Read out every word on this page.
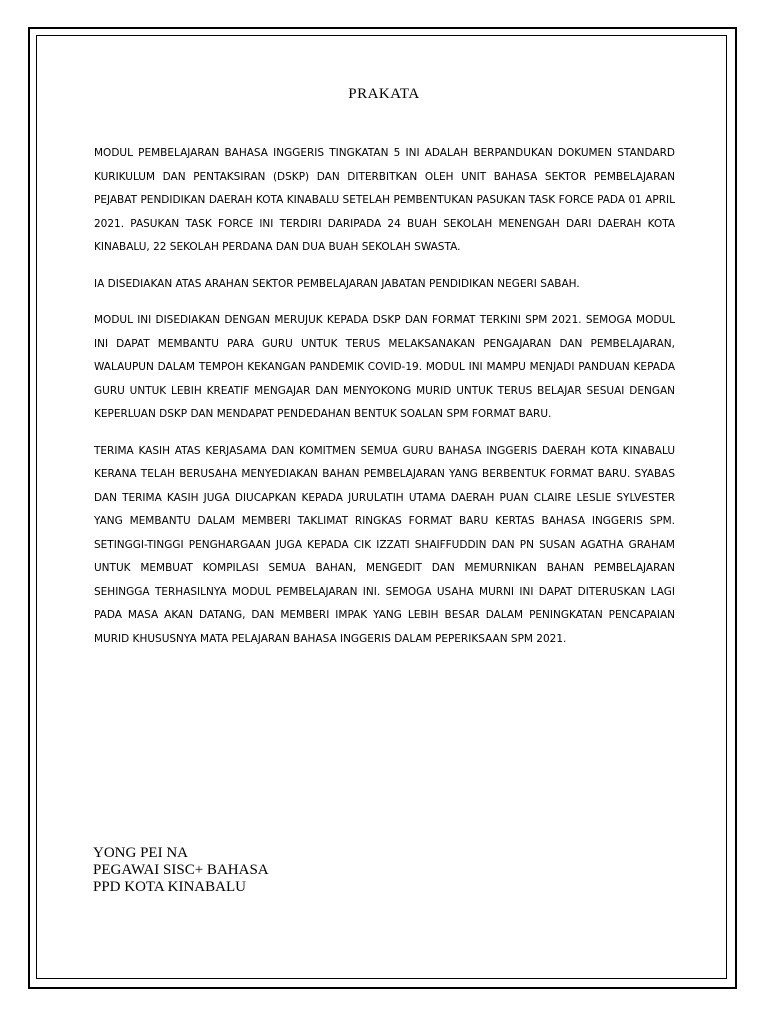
PRAKATA

MODUL PEMBELAJARAN BAHASA INGGERIS TINGKATAN 5 INI ADALAH BERPANDUKAN DOKUMEN STANDARD KURIKULUM DAN PENTAKSIRAN (DSKP) DAN DITERBITKAN OLEH UNIT BAHASA SEKTOR PEMBELAJARAN PEJABAT PENDIDIKAN DAERAH KOTA KINABALU SETELAH PEMBENTUKAN PASUKAN TASK FORCE PADA 01 APRIL 2021. PASUKAN TASK FORCE INI TERDIRI DARIPADA 24 BUAH SEKOLAH MENENGAH DARI DAERAH KOTA KINABALU, 22 SEKOLAH PERDANA DAN DUA BUAH SEKOLAH SWASTA.

IA DISEDIAKAN ATAS ARAHAN SEKTOR PEMBELAJARAN JABATAN PENDIDIKAN NEGERI SABAH.

MODUL INI DISEDIAKAN DENGAN MERUJUK KEPADA DSKP DAN FORMAT TERKINI SPM 2021. SEMOGA MODUL INI DAPAT MEMBANTU PARA GURU UNTUK TERUS MELAKSANAKAN PENGAJARAN DAN PEMBELAJARAN, WALAUPUN DALAM TEMPOH KEKANGAN PANDEMIK COVID-19. MODUL INI MAMPU MENJADI PANDUAN KEPADA GURU UNTUK LEBIH KREATIF MENGAJAR DAN MENYOKONG MURID UNTUK TERUS BELAJAR SESUAI DENGAN KEPERLUAN DSKP DAN MENDAPAT PENDEDAHAN BENTUK SOALAN SPM FORMAT BARU.

TERIMA KASIH ATAS KERJASAMA DAN KOMITMEN SEMUA GURU BAHASA INGGERIS DAERAH KOTA KINABALU KERANA TELAH BERUSAHA MENYEDIAKAN BAHAN PEMBELAJARAN YANG BERBENTUK FORMAT BARU. SYABAS DAN TERIMA KASIH JUGA DIUCAPKAN KEPADA JURULATIH UTAMA DAERAH PUAN CLAIRE LESLIE SYLVESTER YANG MEMBANTU DALAM MEMBERI TAKLIMAT RINGKAS FORMAT BARU KERTAS BAHASA INGGERIS SPM. SETINGGI-TINGGI PENGHARGAAN JUGA KEPADA CIK IZZATI SHAIFFUDDIN DAN PN SUSAN AGATHA GRAHAM UNTUK MEMBUAT KOMPILASI SEMUA BAHAN, MENGEDIT DAN MEMURNIKAN BAHAN PEMBELAJARAN SEHINGGA TERHASILNYA MODUL PEMBELAJARAN INI. SEMOGA USAHA MURNI INI DAPAT DITERUSKAN LAGI PADA MASA AKAN DATANG, DAN MEMBERI IMPAK YANG LEBIH BESAR DALAM PENINGKATAN PENCAPAIAN MURID KHUSUSNYA MATA PELAJARAN BAHASA INGGERIS DALAM PEPERIKSAAN SPM 2021.

YONG PEI NA
PEGAWAI SISC+ BAHASA
PPD KOTA KINABALU
